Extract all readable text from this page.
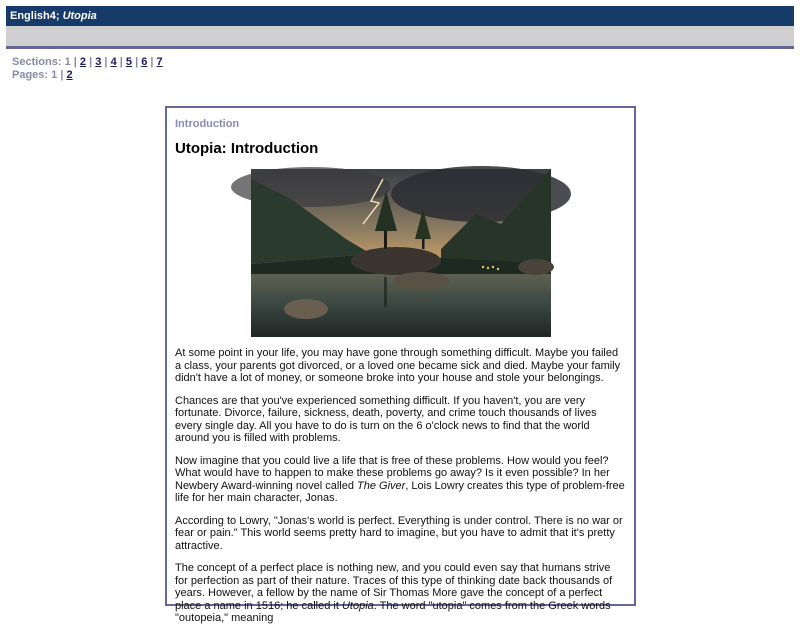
English4; Utopia
Sections: 1 | 2 | 3 | 4 | 5 | 6 | 7
Pages: 1 | 2
Introduction
Utopia: Introduction

At some point in your life, you may have gone through something difficult. Maybe you failed a class, your parents got divorced, or a loved one became sick and died. Maybe your family didn't have a lot of money, or someone broke into your house and stole your belongings.

Chances are that you've experienced something difficult. If you haven't, you are very fortunate. Divorce, failure, sickness, death, poverty, and crime touch thousands of lives every single day. All you have to do is turn on the 6 o'clock news to find that the world around you is filled with problems.

Now imagine that you could live a life that is free of these problems. How would you feel? What would have to happen to make these problems go away? Is it even possible? In her Newbery Award-winning novel called The Giver, Lois Lowry creates this type of problem-free life for her main character, Jonas.

According to Lowry, "Jonas's world is perfect. Everything is under control. There is no war or fear or pain." This world seems pretty hard to imagine, but you have to admit that it's pretty attractive.

The concept of a perfect place is nothing new, and you could even say that humans strive for perfection as part of their nature. Traces of this type of thinking date back thousands of years. However, a fellow by the name of Sir Thomas More gave the concept of a perfect place a name in 1516; he called it Utopia. The word "utopia" comes from the Greek words "outopeia," meaning
